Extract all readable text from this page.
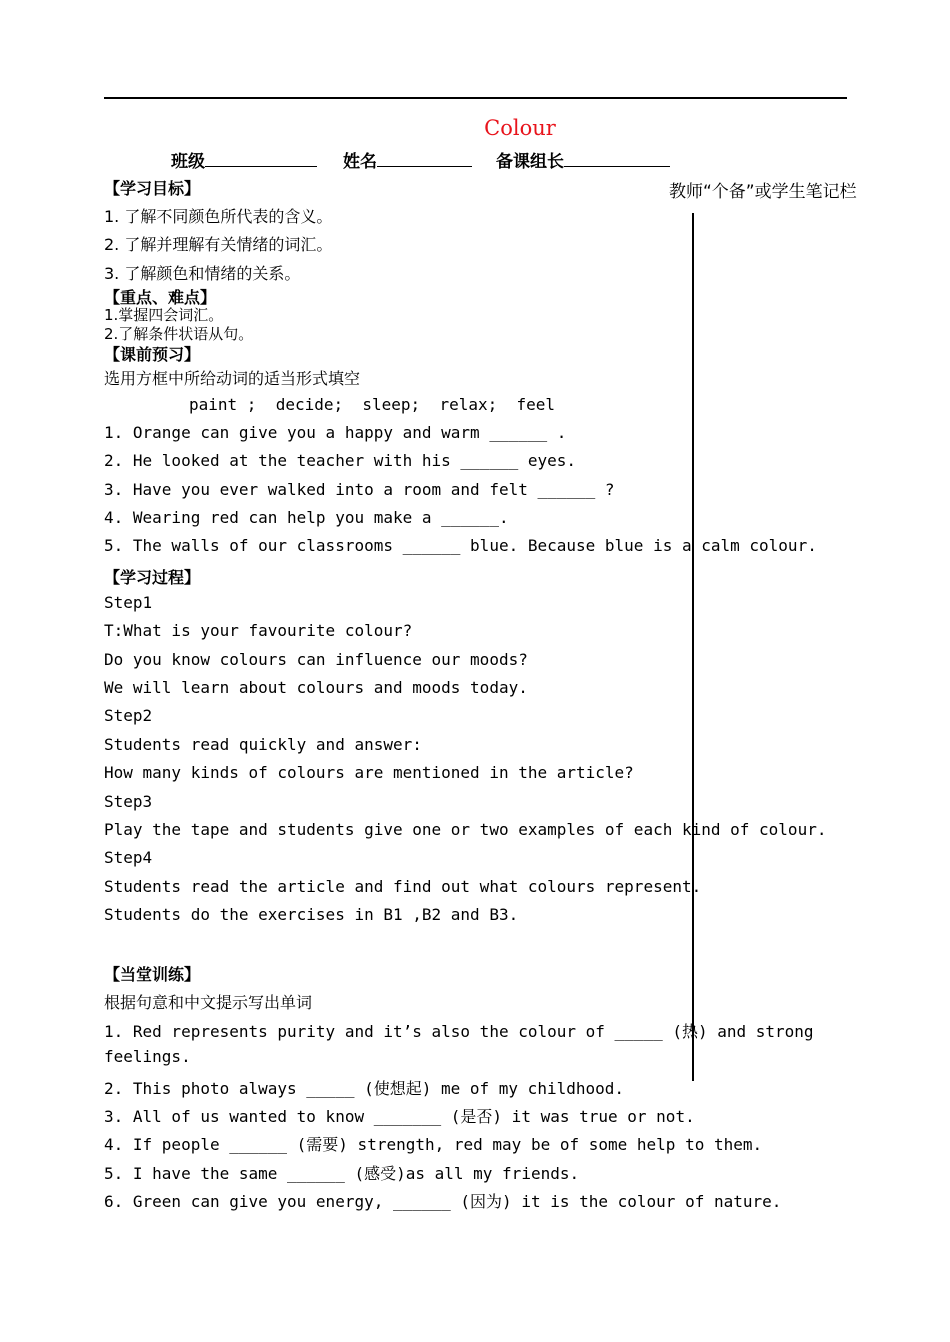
Colour
班级	姓名	备课组长
教师“个备”或学生笔记栏
【学习目标】
1. 了解不同颜色所代表的含义。
2. 了解并理解有关情绪的词汇。
3. 了解颜色和情绪的关系。
【重点、难点】
1.掌握四会词汇。
2.了解条件状语从句。
【课前预习】
选用方框中所给动词的适当形式填空
paint ;  decide;  sleep;  relax;  feel
1. Orange can give you a happy and warm ______ .
2. He looked at the teacher with his ______ eyes.
3. Have you ever walked into a room and felt ______ ?
4. Wearing red can help you make a ______.
5. The walls of our classrooms ______ blue. Because blue is a calm colour.
【学习过程】
Step1
T:What is your favourite colour?
Do you know colours can influence our moods?
We will learn about colours and moods today.
Step2
Students read quickly and answer:
How many kinds of colours are mentioned in the article?
Step3
Play the tape and students give one or two examples of each kind of colour.
Step4
Students read the article and find out what colours represent.
Students do the exercises in B1 ,B2 and B3.
【当堂训练】
根据句意和中文提示写出单词
1. Red represents purity and it’s also the colour of _____ (热) and strong
feelings.
2. This photo always _____ (使想起) me of my childhood.
3. All of us wanted to know _______ (是否) it was true or not.
4. If people ______ (需要) strength, red may be of some help to them.
5. I have the same ______ (感受)as all my friends.
6. Green can give you energy, ______ (因为) it is the colour of nature.
